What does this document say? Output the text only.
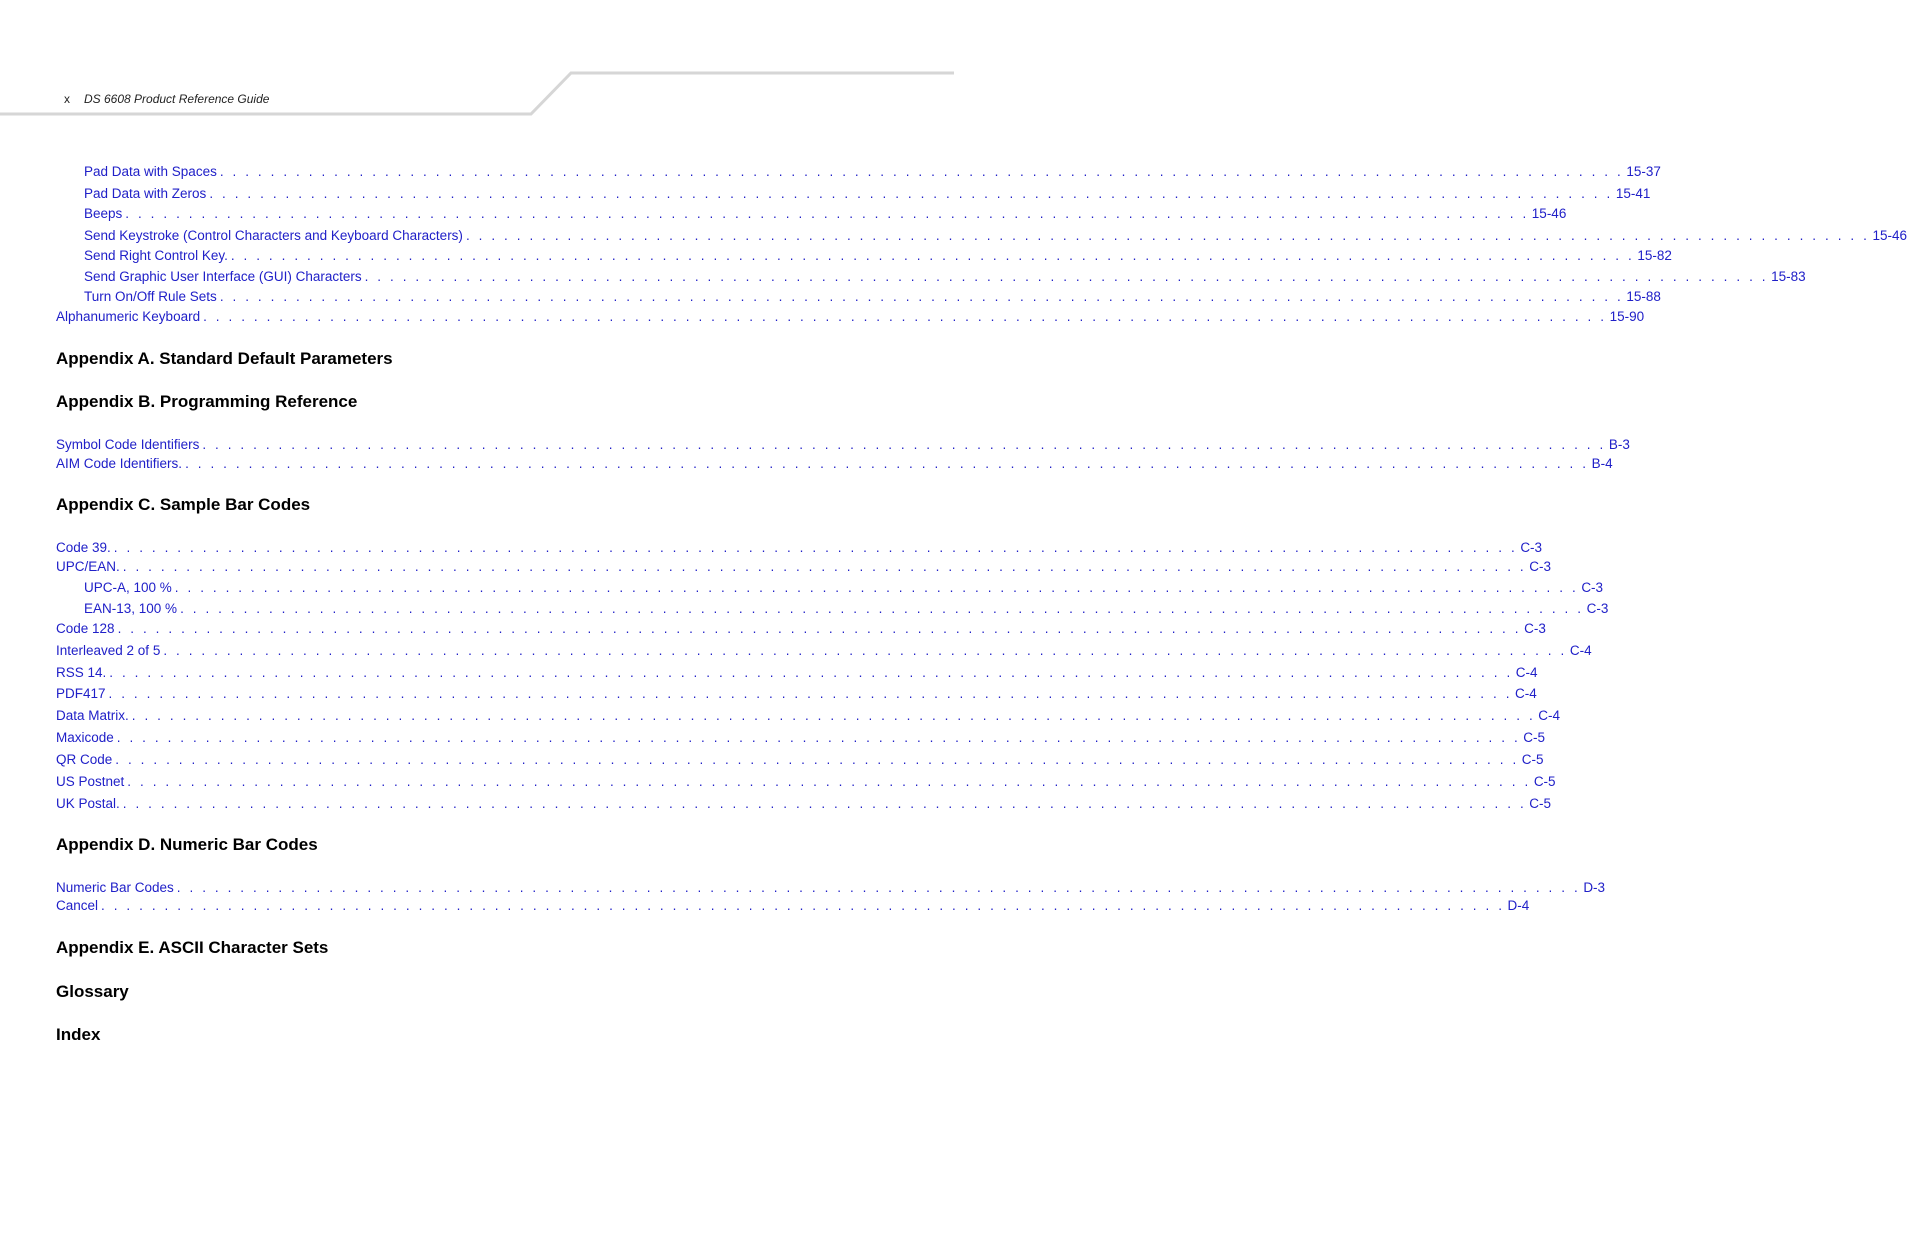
x DS 6608 Product Reference Guide
Pad Data with Spaces . . . . . . . . . . . . . . . . . . . . . . . . . . . . . . . . . . . . . . . . . . . . . . . . . . . . . . . . . . . . . . . . . . . . . . . . . . . . . . . . . . . . . . . . . . . . . . . . . . . . . . . . . . . . . . . 15-37
Pad Data with Zeros . . . . . . . . . . . . . . . . . . . . . . . . . . . . . . . . . . . . . . . . . . . . . . . . . . . . . . . . . . . . . . . . . . . . . . . . . . . . . . . . . . . . . . . . . . . . . . . . . . . . . . . . . . . . . . . 15-41
Beeps . . . . . . . . . . . . . . . . . . . . . . . . . . . . . . . . . . . . . . . . . . . . . . . . . . . . . . . . . . . . . . . . . . . . . . . . . . . . . . . . . . . . . . . . . . . . . . . . . . . . . . . . . . . . . . . 15-46
Send Keystroke (Control Characters and Keyboard Characters) . . . . . . . . . . . . . . . . . . . . . . . . . . . . . . . . . . . . . . . . . . . . . . . . . . . . . . . . . . . . . . . . . . . . . . . . . . . . . . . . . . . . . . . . . . . . . . . . . . . . . . . . . . . . . . . 15-46
Send Right Control Key. . . . . . . . . . . . . . . . . . . . . . . . . . . . . . . . . . . . . . . . . . . . . . . . . . . . . . . . . . . . . . . . . . . . . . . . . . . . . . . . . . . . . . . . . . . . . . . . . . . . . . . . . . . . . . . . 15-82
Send Graphic User Interface (GUI) Characters . . . . . . . . . . . . . . . . . . . . . . . . . . . . . . . . . . . . . . . . . . . . . . . . . . . . . . . . . . . . . . . . . . . . . . . . . . . . . . . . . . . . . . . . . . . . . . . . . . . . . . . . . . . . . . . 15-83
Turn On/Off Rule Sets . . . . . . . . . . . . . . . . . . . . . . . . . . . . . . . . . . . . . . . . . . . . . . . . . . . . . . . . . . . . . . . . . . . . . . . . . . . . . . . . . . . . . . . . . . . . . . . . . . . . . . . . . . . . . . . 15-88
Alphanumeric Keyboard . . . . . . . . . . . . . . . . . . . . . . . . . . . . . . . . . . . . . . . . . . . . . . . . . . . . . . . . . . . . . . . . . . . . . . . . . . . . . . . . . . . . . . . . . . . . . . . . . . . . . . . . . . . . . . . 15-90
Appendix A. Standard Default Parameters
Appendix B. Programming Reference
Symbol Code Identifiers . . . . . . . . . . . . . . . . . . . . . . . . . . . . . . . . . . . . . . . . . . . . . . . . . . . . . . . . . . . . . . . . . . . . . . . . . . . . . . . . . . . . . . . . . . . . . . . . . . . . . . . . . . . . . . . B-3
AIM Code Identifiers. . . . . . . . . . . . . . . . . . . . . . . . . . . . . . . . . . . . . . . . . . . . . . . . . . . . . . . . . . . . . . . . . . . . . . . . . . . . . . . . . . . . . . . . . . . . . . . . . . . . . . . . . . . . . . . . B-4
Appendix C. Sample Bar Codes
Code 39. . . . . . . . . . . . . . . . . . . . . . . . . . . . . . . . . . . . . . . . . . . . . . . . . . . . . . . . . . . . . . . . . . . . . . . . . . . . . . . . . . . . . . . . . . . . . . . . . . . . . . . . . . . . . . . . C-3
UPC/EAN. . . . . . . . . . . . . . . . . . . . . . . . . . . . . . . . . . . . . . . . . . . . . . . . . . . . . . . . . . . . . . . . . . . . . . . . . . . . . . . . . . . . . . . . . . . . . . . . . . . . . . . . . . . . . . . . C-3
UPC-A, 100 % . . . . . . . . . . . . . . . . . . . . . . . . . . . . . . . . . . . . . . . . . . . . . . . . . . . . . . . . . . . . . . . . . . . . . . . . . . . . . . . . . . . . . . . . . . . . . . . . . . . . . . . . . . . . . . . C-3
EAN-13, 100 % . . . . . . . . . . . . . . . . . . . . . . . . . . . . . . . . . . . . . . . . . . . . . . . . . . . . . . . . . . . . . . . . . . . . . . . . . . . . . . . . . . . . . . . . . . . . . . . . . . . . . . . . . . . . . . . C-3
Code 128 . . . . . . . . . . . . . . . . . . . . . . . . . . . . . . . . . . . . . . . . . . . . . . . . . . . . . . . . . . . . . . . . . . . . . . . . . . . . . . . . . . . . . . . . . . . . . . . . . . . . . . . . . . . . . . . C-3
Interleaved 2 of 5 . . . . . . . . . . . . . . . . . . . . . . . . . . . . . . . . . . . . . . . . . . . . . . . . . . . . . . . . . . . . . . . . . . . . . . . . . . . . . . . . . . . . . . . . . . . . . . . . . . . . . . . . . . . . . . . C-4
RSS 14. . . . . . . . . . . . . . . . . . . . . . . . . . . . . . . . . . . . . . . . . . . . . . . . . . . . . . . . . . . . . . . . . . . . . . . . . . . . . . . . . . . . . . . . . . . . . . . . . . . . . . . . . . . . . . . . C-4
PDF417 . . . . . . . . . . . . . . . . . . . . . . . . . . . . . . . . . . . . . . . . . . . . . . . . . . . . . . . . . . . . . . . . . . . . . . . . . . . . . . . . . . . . . . . . . . . . . . . . . . . . . . . . . . . . . . . C-4
Data Matrix. . . . . . . . . . . . . . . . . . . . . . . . . . . . . . . . . . . . . . . . . . . . . . . . . . . . . . . . . . . . . . . . . . . . . . . . . . . . . . . . . . . . . . . . . . . . . . . . . . . . . . . . . . . . . . . . C-4
Maxicode . . . . . . . . . . . . . . . . . . . . . . . . . . . . . . . . . . . . . . . . . . . . . . . . . . . . . . . . . . . . . . . . . . . . . . . . . . . . . . . . . . . . . . . . . . . . . . . . . . . . . . . . . . . . . . . C-5
QR Code . . . . . . . . . . . . . . . . . . . . . . . . . . . . . . . . . . . . . . . . . . . . . . . . . . . . . . . . . . . . . . . . . . . . . . . . . . . . . . . . . . . . . . . . . . . . . . . . . . . . . . . . . . . . . . . C-5
US Postnet . . . . . . . . . . . . . . . . . . . . . . . . . . . . . . . . . . . . . . . . . . . . . . . . . . . . . . . . . . . . . . . . . . . . . . . . . . . . . . . . . . . . . . . . . . . . . . . . . . . . . . . . . . . . . . . C-5
UK Postal. . . . . . . . . . . . . . . . . . . . . . . . . . . . . . . . . . . . . . . . . . . . . . . . . . . . . . . . . . . . . . . . . . . . . . . . . . . . . . . . . . . . . . . . . . . . . . . . . . . . . . . . . . . . . . . . C-5
Appendix D. Numeric Bar Codes
Numeric Bar Codes . . . . . . . . . . . . . . . . . . . . . . . . . . . . . . . . . . . . . . . . . . . . . . . . . . . . . . . . . . . . . . . . . . . . . . . . . . . . . . . . . . . . . . . . . . . . . . . . . . . . . . . . . . . . . . . D-3
Cancel . . . . . . . . . . . . . . . . . . . . . . . . . . . . . . . . . . . . . . . . . . . . . . . . . . . . . . . . . . . . . . . . . . . . . . . . . . . . . . . . . . . . . . . . . . . . . . . . . . . . . . . . . . . . . . . D-4
Appendix E. ASCII Character Sets
Glossary
Index
